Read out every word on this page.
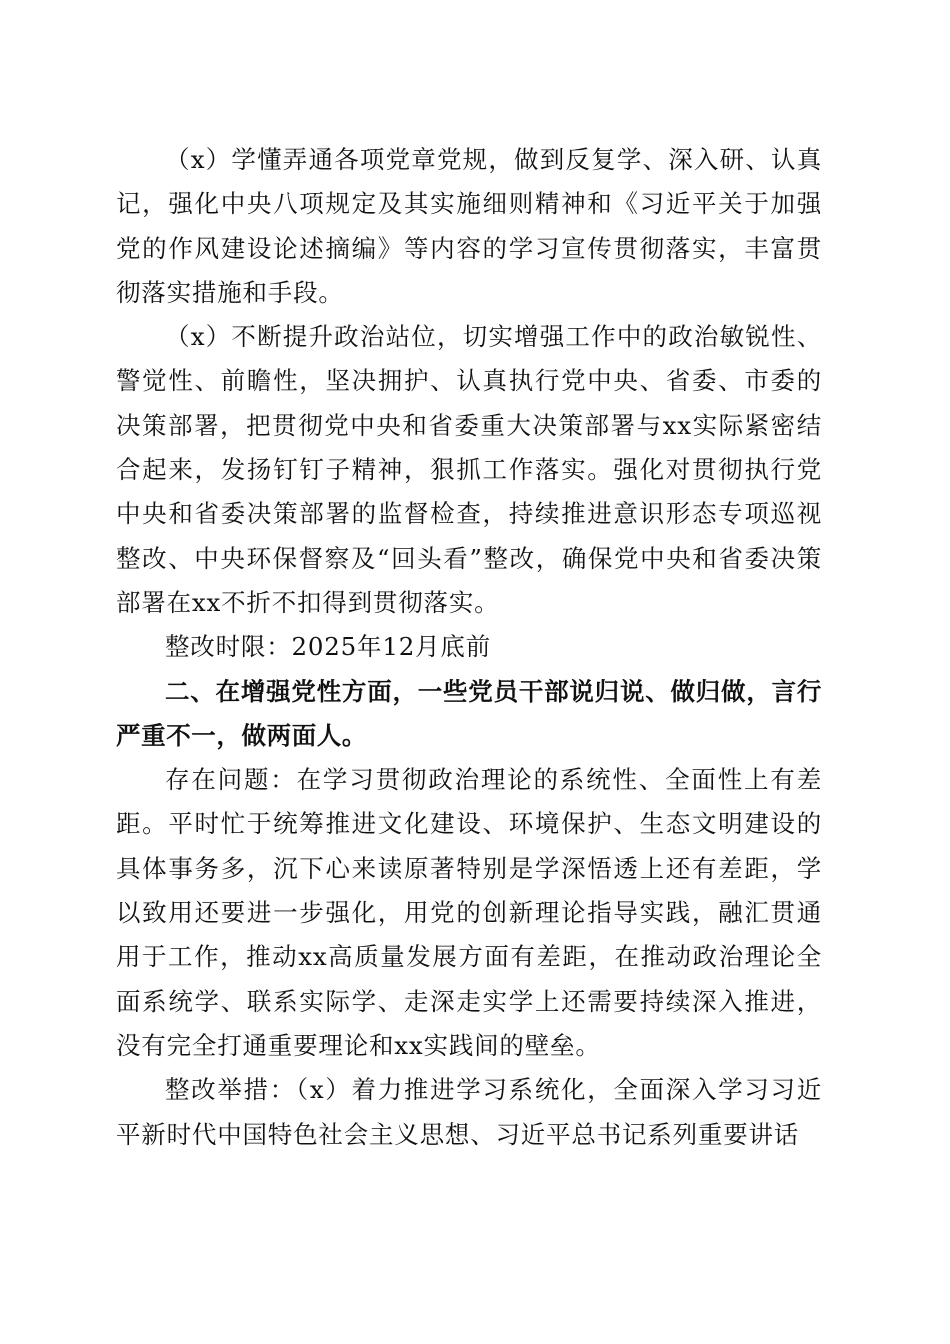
（x）学懂弄通各项党章党规，做到反复学、深入研、认真记，强化中央八项规定及其实施细则精神和《习近平关于加强党的作风建设论述摘编》等内容的学习宣传贯彻落实，丰富贯彻落实措施和手段。

（x）不断提升政治站位，切实增强工作中的政治敏锐性、警觉性、前瞻性，坚决拥护、认真执行党中央、省委、市委的决策部署，把贯彻党中央和省委重大决策部署与xx实际紧密结合起来，发扬钉钉子精神，狠抓工作落实。强化对贯彻执行党中央和省委决策部署的监督检查，持续推进意识形态专项巡视整改、中央环保督察及“回头看”整改，确保党中央和省委决策部署在xx不折不扣得到贯彻落实。

整改时限：2025年12月底前

二、在增强党性方面，一些党员干部说归说、做归做，言行严重不一，做两面人。

存在问题：在学习贯彻政治理论的系统性、全面性上有差距。平时忙于统筹推进文化建设、环境保护、生态文明建设的具体事务多，沉下心来读原著特别是学深悟透上还有差距，学以致用还要进一步强化，用党的创新理论指导实践，融汇贯通用于工作，推动xx高质量发展方面有差距，在推动政治理论全面系统学、联系实际学、走深走实学上还需要持续深入推进，没有完全打通重要理论和xx实践间的壁垒。

整改举措：（x）着力推进学习系统化，全面深入学习习近平新时代中国特色社会主义思想、习近平总书记系列重要讲话
